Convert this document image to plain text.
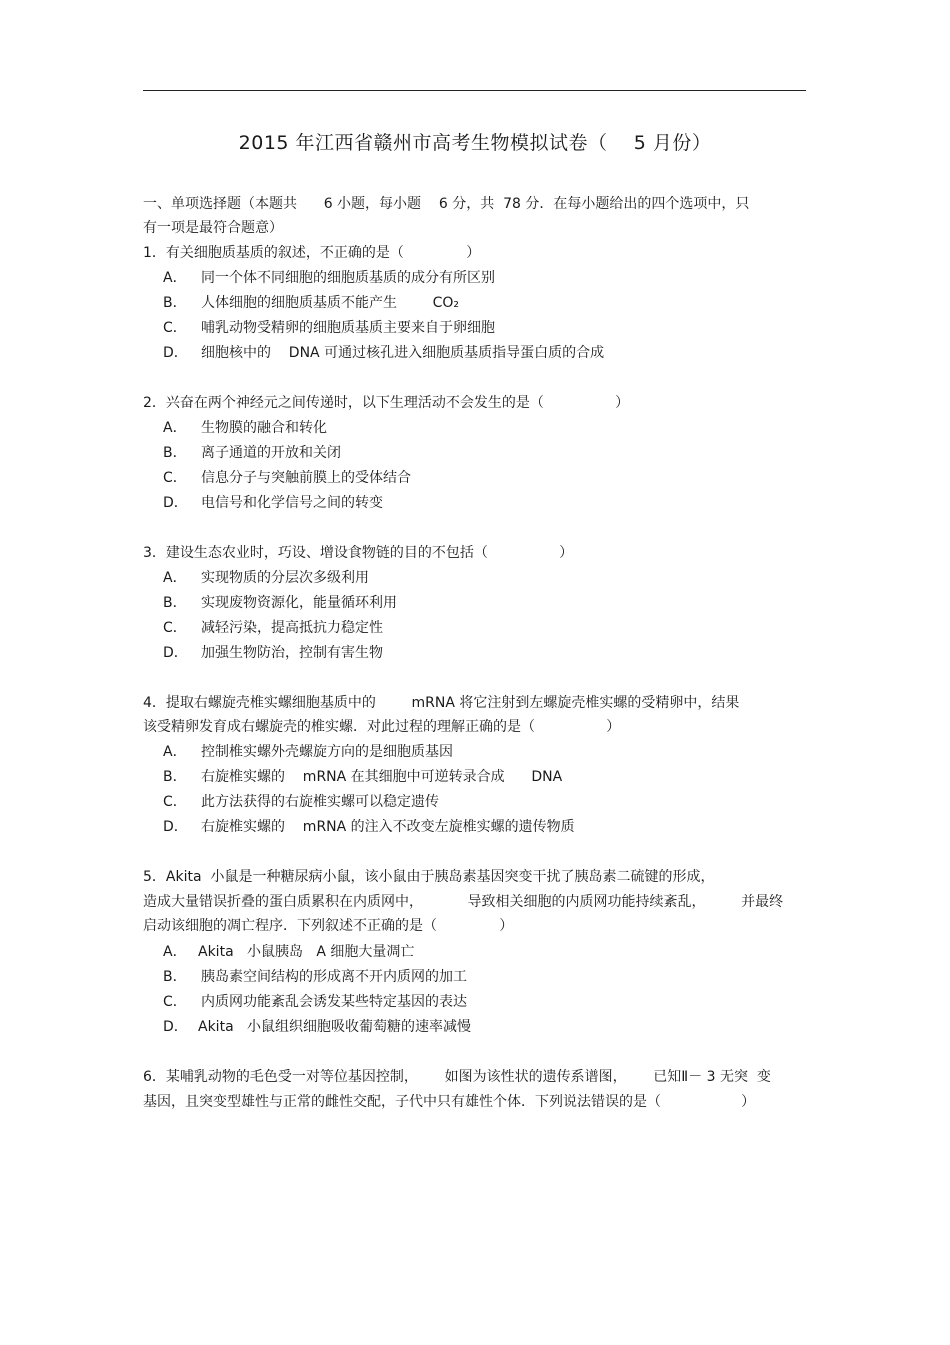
2015 年江西省赣州市高考生物模拟试卷（    5 月份）
一、单项选择题（本题共      6 小题，每小题    6 分，共  78 分．在每小题给出的四个选项中，只
有一项是最符合题意）
1．有关细胞质基质的叙述，不正确的是（              ）

A．

同一个体不同细胞的细胞质基质的成分有所区别

B．

人体细胞的细胞质基质不能产生        CO₂

C．

哺乳动物受精卵的细胞质基质主要来自于卵细胞

D．

细胞核中的    DNA 可通过核孔进入细胞质基质指导蛋白质的合成

2．兴奋在两个神经元之间传递时，以下生理活动不会发生的是（                ）

A．

生物膜的融合和转化

B．

离子通道的开放和关闭

C．

信息分子与突触前膜上的受体结合

D．

电信号和化学信号之间的转变

3．建设生态农业时，巧设、增设食物链的目的不包括（                ）

A．

实现物质的分层次多级利用

B．

实现废物资源化，能量循环利用

C．

减轻污染，提高抵抗力稳定性

D．

加强生物防治，控制有害生物

4．提取右螺旋壳椎实螺细胞基质中的        mRNA 将它注射到左螺旋壳椎实螺的受精卵中，结果
该受精卵发育成右螺旋壳的椎实螺．对此过程的理解正确的是（                ）

A．

控制椎实螺外壳螺旋方向的是细胞质基因

B．

右旋椎实螺的    mRNA 在其细胞中可逆转录合成      DNA

C．

此方法获得的右旋椎实螺可以稳定遗传

D．

右旋椎实螺的    mRNA 的注入不改变左旋椎实螺的遗传物质

5．Akita  小鼠是一种糖尿病小鼠，该小鼠由于胰岛素基因突变干扰了胰岛素二硫键的形成，
造成大量错误折叠的蛋白质累积在内质网中，          导致相关细胞的内质网功能持续紊乱，        并最终
启动该细胞的凋亡程序．下列叙述不正确的是（              ）

A．

Akita   小鼠胰岛   A 细胞大量凋亡

B．

胰岛素空间结构的形成离不开内质网的加工

C．

内质网功能紊乱会诱发某些特定基因的表达

D．

Akita   小鼠组织细胞吸收葡萄糖的速率减慢

6．某哺乳动物的毛色受一对等位基因控制，      如图为该性状的遗传系谱图，      已知Ⅱ－ 3 无突  变
基因，且突变型雄性与正常的雌性交配，子代中只有雄性个体．下列说法错误的是（                  ）
